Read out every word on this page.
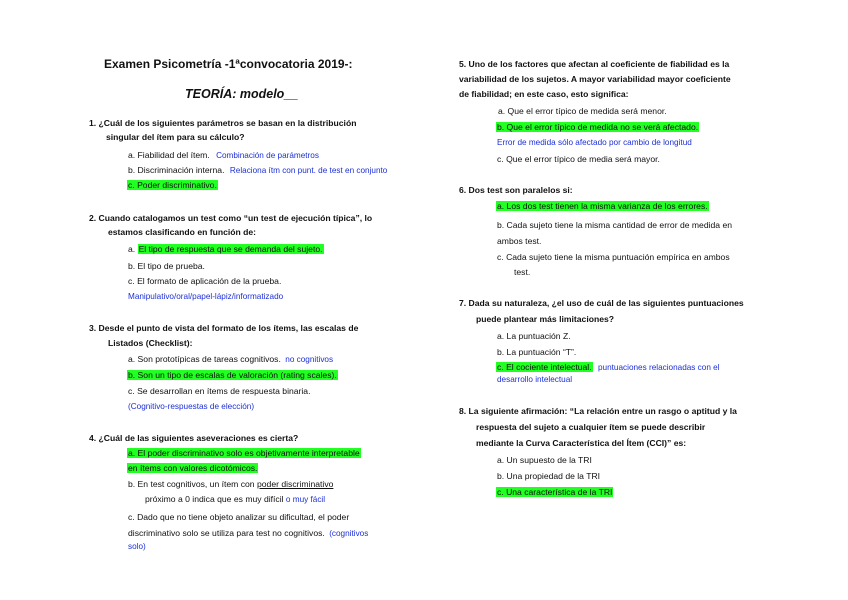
Examen Psicometría -1ªconvocatoria 2019-:
TEORÍA: modelo__
1. ¿Cuál de los siguientes parámetros se basan en la distribución
singular del ítem para su cálculo?
a. Fiabilidad del ítem. Combinación de parámetros
b. Discriminación interna. Relaciona ítm con punt. de test en conjunto
c. Poder discriminativo.
2. Cuando catalogamos un test como “un test de ejecución típica”, lo
estamos clasificando en función de:
a. El tipo de respuesta que se demanda del sujeto.
b. El tipo de prueba.
c. El formato de aplicación de la prueba.
Manipulativo/oral/papel-lápiz/informatizado
3. Desde el punto de vista del formato de los ítems, las escalas de
Listados (Checklist):
a. Son prototípicas de tareas cognitivos. no cognitivos
b. Son un tipo de escalas de valoración (rating scales).
c. Se desarrollan en ítems de respuesta binaria.
(Cognitivo-respuestas de elección)
4. ¿Cuál de las siguientes aseveraciones es cierta?
a. El poder discriminativo solo es objetivamente interpretable
en ítems con valores dicotómicos.
b. En test cognitivos, un ítem con poder discriminativo
próximo a 0 indica que es muy difícil o muy fácil
c. Dado que no tiene objeto analizar su dificultad, el poder
discriminativo solo se utiliza para test no cognitivos. (cognitivos
solo)
5. Uno de los factores que afectan al coeficiente de fiabilidad es la
variabilidad de los sujetos. A mayor variabilidad mayor coeficiente
de fiabilidad; en este caso, esto significa:
a. Que el error típico de medida será menor.
b. Que el error típico de medida no se verá afectado.
Error de medida sólo afectado por cambio de longitud
c. Que el error típico de media será mayor.
6. Dos test son paralelos si:
a. Los dos test tienen la misma varianza de los errores.
b. Cada sujeto tiene la misma cantidad de error de medida en
ambos test.
c. Cada sujeto tiene la misma puntuación empírica en ambos
test.
7. Dada su naturaleza, ¿el uso de cuál de las siguientes puntuaciones
puede plantear más limitaciones?
a. La puntuación Z.
b. La puntuación “T”.
c. El cociente intelectual. puntuaciones relacionadas con el
desarrollo intelectual
8. La siguiente afirmación: “La relación entre un rasgo o aptitud y la
respuesta del sujeto a cualquier ítem se puede describir
mediante la Curva Característica del Ítem (CCI)” es:
a. Un supuesto de la TRI
b. Una propiedad de la TRI
c. Una característica de la TRI
